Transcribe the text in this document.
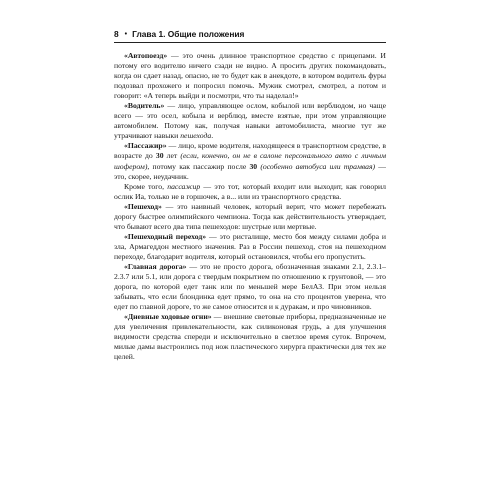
8 • Глава 1. Общие положения

«Автопоезд» — это очень длинное транспортное средство с прицепами. И потому его водителю ничего сзади не видно. А просить других покомандовать, когда он сдает назад, опасно, не то будет как в анекдоте, в котором водитель фуры подозвал прохожего и попросил помочь. Мужик смотрел, смотрел, а потом и говорит: «А теперь выйди и посмотри, что ты наделал!»

«Водитель» — лицо, управляющее ослом, кобылой или верблюдом, но чаще всего — это осел, кобыла и верблюд, вместе взятые, при этом управляющие автомобилем. Потому как, получая навыки автомобилиста, многие тут же утрачивают навыки пешехода.

«Пассажир» — лицо, кроме водителя, находящееся в транспортном средстве, в возрасте до 30 лет (если, конечно, он не в салоне персонального авто с личным шофером), потому как пассажир после 30 (особенно автобуса или трамвая) — это, скорее, неудачник.

Кроме того, пассажир — это тот, который входит или выходит, как говорил ослик Иа, только не в горшочек, а в... или из транспортного средства.

«Пешеход» — это наивный человек, который верит, что может перебежать дорогу быстрее олимпийского чемпиона. Тогда как действительность утверждает, что бывают всего два типа пешеходов: шустрые или мертвые.

«Пешеходный переход» — это ристалище, место боя между силами добра и зла, Армагеддон местного значения. Раз в России пешеход, стоя на пешеходном переходе, благодарит водителя, который остановился, чтобы его пропустить.

«Главная дорога» — это не просто дорога, обозначенная знаками 2.1, 2.3.1–2.3.7 или 5.1, или дорога с твердым покрытием по отношению к грунтовой, — это дорога, по которой едет танк или по меньшей мере БелАЗ. При этом нельзя забывать, что если блондинка едет прямо, то она на сто процентов уверена, что едет по главной дороге, то же самое относится и к дуракам, и про чиновников.

«Дневные ходовые огни» — внешние световые приборы, предназначенные не для увеличения привлекательности, как силиконовая грудь, а для улучшения видимости средства спереди и исключительно в светлое время суток. Впрочем, милые дамы выстроились под нож пластического хирурга практически для тех же целей.
